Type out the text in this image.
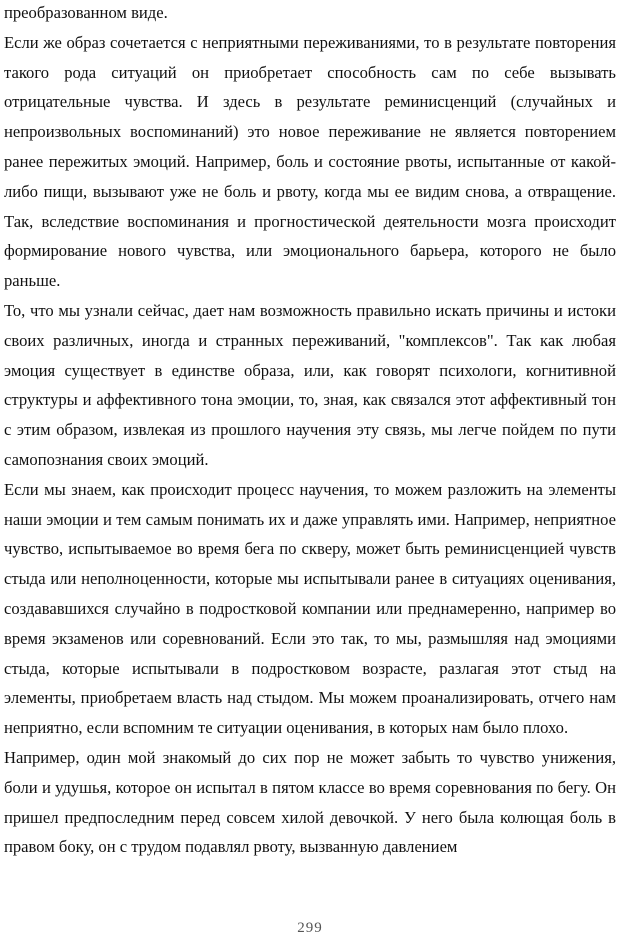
преобразованном виде.

Если же образ сочетается с неприятными переживаниями, то в результате повторения такого рода ситуаций он приобретает способность сам по себе вызывать отрицательные чувства. И здесь в результате реминисценций (случайных и непроизвольных воспоминаний) это новое переживание не является повторением ранее пережитых эмоций. Например, боль и состояние рвоты, испытанные от какой-либо пищи, вызывают уже не боль и рвоту, когда мы ее видим снова, а отвращение. Так, вследствие воспоминания и прогностической деятельности мозга происходит формирование нового чувства, или эмоционального барьера, которого не было раньше.

То, что мы узнали сейчас, дает нам возможность правильно искать причины и истоки своих различных, иногда и странных переживаний, "комплексов". Так как любая эмоция существует в единстве образа, или, как говорят психологи, когнитивной структуры и аффективного тона эмоции, то, зная, как связался этот аффективный тон с этим образом, извлекая из прошлого научения эту связь, мы легче пойдем по пути самопознания своих эмоций.

Если мы знаем, как происходит процесс научения, то можем разложить на элементы наши эмоции и тем самым понимать их и даже управлять ими. Например, неприятное чувство, испытываемое во время бега по скверу, может быть реминисценцией чувств стыда или неполноценности, которые мы испытывали ранее в ситуациях оценивания, создававшихся случайно в подростковой компании или преднамеренно, например во время экзаменов или соревнований. Если это так, то мы, размышляя над эмоциями стыда, которые испытывали в подростковом возрасте, разлагая этот стыд на элементы, приобретаем власть над стыдом. Мы можем проанализировать, отчего нам неприятно, если вспомним те ситуации оценивания, в которых нам было плохо.

Например, один мой знакомый до сих пор не может забыть то чувство унижения, боли и удушья, которое он испытал в пятом классе во время соревнования по бегу. Он пришел предпоследним перед совсем хилой девочкой. У него была колющая боль в правом боку, он с трудом подавлял рвоту, вызванную давлением

299
